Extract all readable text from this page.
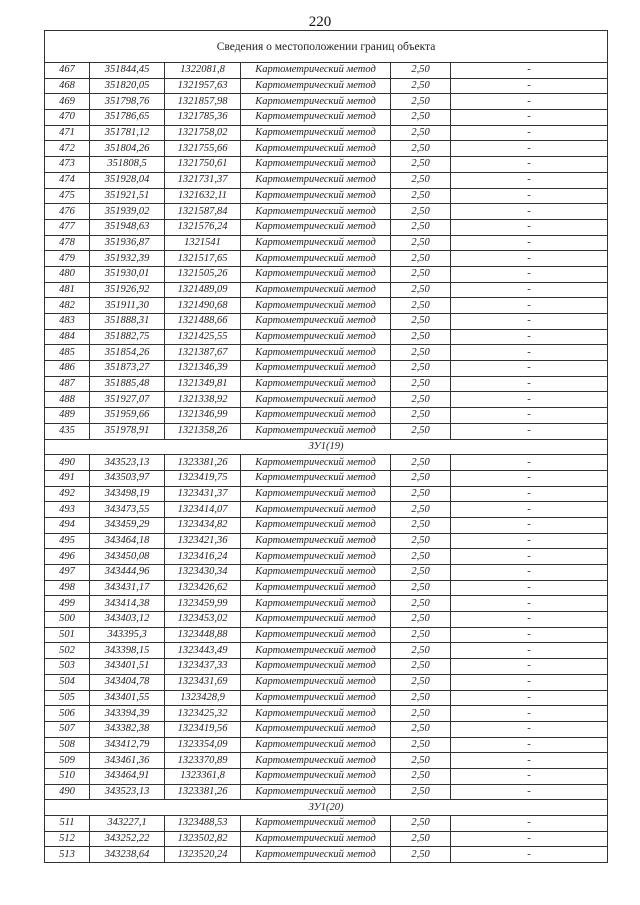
220
Сведения о местоположении границ объекта					
467	351844,45	1322081,8	Картометрический метод	2,50	-
468	351820,05	1321957,63	Картометрический метод	2,50	-
469	351798,76	1321857,98	Картометрический метод	2,50	-
470	351786,65	1321785,36	Картометрический метод	2,50	-
471	351781,12	1321758,02	Картометрический метод	2,50	-
472	351804,26	1321755,66	Картометрический метод	2,50	-
473	351808,5	1321750,61	Картометрический метод	2,50	-
474	351928,04	1321731,37	Картометрический метод	2,50	-
475	351921,51	1321632,11	Картометрический метод	2,50	-
476	351939,02	1321587,84	Картометрический метод	2,50	-
477	351948,63	1321576,24	Картометрический метод	2,50	-
478	351936,87	1321541	Картометрический метод	2,50	-
479	351932,39	1321517,65	Картометрический метод	2,50	-
480	351930,01	1321505,26	Картометрический метод	2,50	-
481	351926,92	1321489,09	Картометрический метод	2,50	-
482	351911,30	1321490,68	Картометрический метод	2,50	-
483	351888,31	1321488,66	Картометрический метод	2,50	-
484	351882,75	1321425,55	Картометрический метод	2,50	-
485	351854,26	1321387,67	Картометрический метод	2,50	-
486	351873,27	1321346,39	Картометрический метод	2,50	-
487	351885,48	1321349,81	Картометрический метод	2,50	-
488	351927,07	1321338,92	Картометрический метод	2,50	-
489	351959,66	1321346,99	Картометрический метод	2,50	-
435	351978,91	1321358,26	Картометрический метод	2,50	-
ЗУ1(19)					
490	343523,13	1323381,26	Картометрический метод	2,50	-
491	343503,97	1323419,75	Картометрический метод	2,50	-
492	343498,19	1323431,37	Картометрический метод	2,50	-
493	343473,55	1323414,07	Картометрический метод	2,50	-
494	343459,29	1323434,82	Картометрический метод	2,50	-
495	343464,18	1323421,36	Картометрический метод	2,50	-
496	343450,08	1323416,24	Картометрический метод	2,50	-
497	343444,96	1323430,34	Картометрический метод	2,50	-
498	343431,17	1323426,62	Картометрический метод	2,50	-
499	343414,38	1323459,99	Картометрический метод	2,50	-
500	343403,12	1323453,02	Картометрический метод	2,50	-
501	343395,3	1323448,88	Картометрический метод	2,50	-
502	343398,15	1323443,49	Картометрический метод	2,50	-
503	343401,51	1323437,33	Картометрический метод	2,50	-
504	343404,78	1323431,69	Картометрический метод	2,50	-
505	343401,55	1323428,9	Картометрический метод	2,50	-
506	343394,39	1323425,32	Картометрический метод	2,50	-
507	343382,38	1323419,56	Картометрический метод	2,50	-
508	343412,79	1323354,09	Картометрический метод	2,50	-
509	343461,36	1323370,89	Картометрический метод	2,50	-
510	343464,91	1323361,8	Картометрический метод	2,50	-
490	343523,13	1323381,26	Картометрический метод	2,50	-
ЗУ1(20)					
511	343227,1	1323488,53	Картометрический метод	2,50	-
512	343252,22	1323502,82	Картометрический метод	2,50	-
513	343238,64	1323520,24	Картометрический метод	2,50	-
